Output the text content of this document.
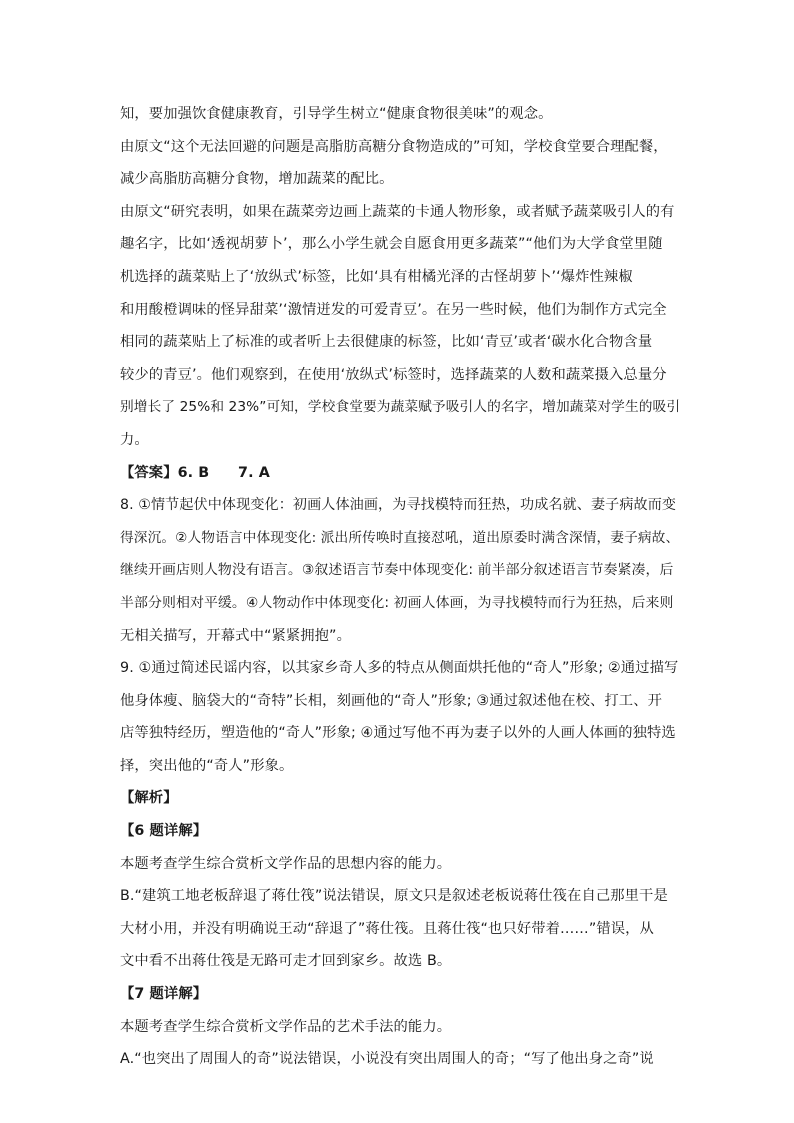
知，要加强饮食健康教育，引导学生树立“健康食物很美味”的观念。
由原文“这个无法回避的问题是高脂肪高糖分食物造成的”可知，学校食堂要合理配餐，
减少高脂肪高糖分食物，增加蔬菜的配比。
由原文“研究表明，如果在蔬菜旁边画上蔬菜的卡通人物形象，或者赋予蔬菜吸引人的有
趣名字，比如‘透视胡萝卜’，那么小学生就会自愿食用更多蔬菜”“他们为大学食堂里随
机选择的蔬菜贴上了‘放纵式’标签，比如‘具有柑橘光泽的古怪胡萝卜’‘爆炸性辣椒
和用酸橙调味的怪异甜菜’‘激情迸发的可爱青豆’。在另一些时候，他们为制作方式完全
相同的蔬菜贴上了标准的或者听上去很健康的标签，比如‘青豆’或者‘碳水化合物含量
较少的青豆’。他们观察到，在使用‘放纵式’标签时，选择蔬菜的人数和蔬菜摄入总量分
别增长了 25%和 23%”可知，学校食堂要为蔬菜赋予吸引人的名字，增加蔬菜对学生的吸引
力。
【答案】6. B　　7. A
8. ①情节起伏中体现变化：初画人体油画，为寻找模特而狂热，功成名就、妻子病故而变
得深沉。②人物语言中体现变化: 派出所传唤时直接怼吼，道出原委时满含深情，妻子病故、
继续开画店则人物没有语言。③叙述语言节奏中体现变化: 前半部分叙述语言节奏紧凑，后
半部分则相对平缓。④人物动作中体现变化: 初画人体画，为寻找模特而行为狂热，后来则
无相关描写，开幕式中“紧紧拥抱”。
9. ①通过简述民谣内容，以其家乡奇人多的特点从侧面烘托他的“奇人”形象; ②通过描写
他身体瘦、脑袋大的“奇特”长相，刻画他的“奇人”形象; ③通过叙述他在校、打工、开
店等独特经历，塑造他的“奇人”形象; ④通过写他不再为妻子以外的人画人体画的独特选
择，突出他的“奇人”形象。
【解析】
【6 题详解】
本题考查学生综合赏析文学作品的思想内容的能力。
B.“建筑工地老板辞退了蒋仕筏”说法错误，原文只是叙述老板说蒋仕筏在自己那里干是
大材小用，并没有明确说王动“辞退了”蒋仕筏。且蒋仕筏“也只好带着……”错误，从
文中看不出蒋仕筏是无路可走才回到家乡。故选 B。
【7 题详解】
本题考查学生综合赏析文学作品的艺术手法的能力。
A.“也突出了周围人的奇”说法错误，小说没有突出周围人的奇；“写了他出身之奇”说
